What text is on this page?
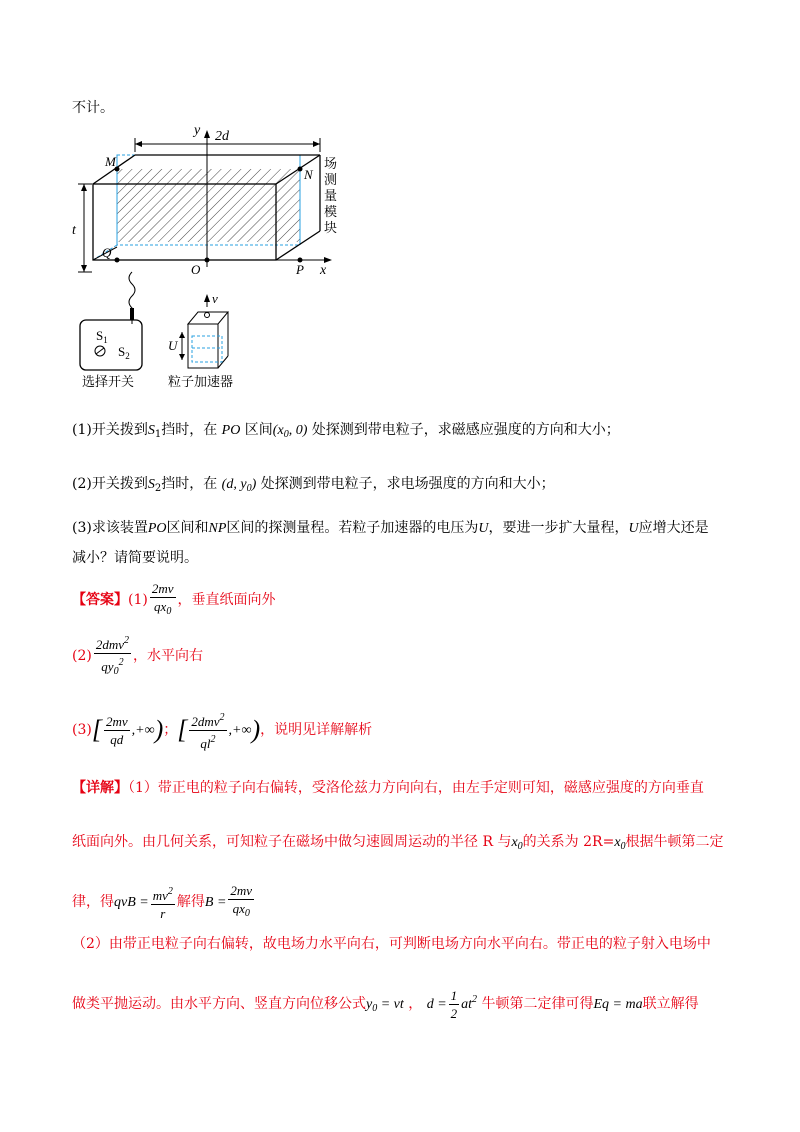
不计。
2d
y
x
M
N
Q
O	P
t
场 测 量 模 块
$S_1$
$S_2$
选择开关
v
U
粒子加速器
(1)开关拨到$S_1$挡时，在 PO 区间($x_0$, 0) 处探测到带电粒子，求磁感应强度的方向和大小；
(2)开关拨到$S_2$挡时，在 (d, $y_0$) 处探测到带电粒子，求电场强度的方向和大小；
(3)求该装置PO区间和NP区间的探测量程。若粒子加速器的电压为U，要进一步扩大量程，U应增大还是
减小？请简要说明。
【答案】$(1) \frac{2mv}{qx_0}$ ，垂直纸面向外
$(2) \frac{2dmv^2}{qy_0^2}$ ，水平向右
$(3)[ \frac{2mv}{qd}$ ,+∞)；[ $\frac{2dmv^2}{ql^2}$ ,+∞)，说明见详解解析
【详解】（1）带正电的粒子向右偏转，受洛伦兹力方向向右，由左手定则可知，磁感应强度的方向垂直
纸面向外。由几何关系，可知粒子在磁场中做匀速圆周运动的半径 R 与$x_0$的关系为 $2R=x_0$根据牛顿第二定
律，得qvB = $\frac{mv^2}{r}$ 解得$B = \frac{2mv}{qx_0}$
（2）由带正电粒子向右偏转，故电场力水平向右，可判断电场方向水平向右。带正电的粒子射入电场中
做类平抛运动。由水平方向、竖直方向位移公式$y_0$ = vt ， $d = \frac{1}{2} at^2$ 牛顿第二定律可得Eq = ma联立解得
